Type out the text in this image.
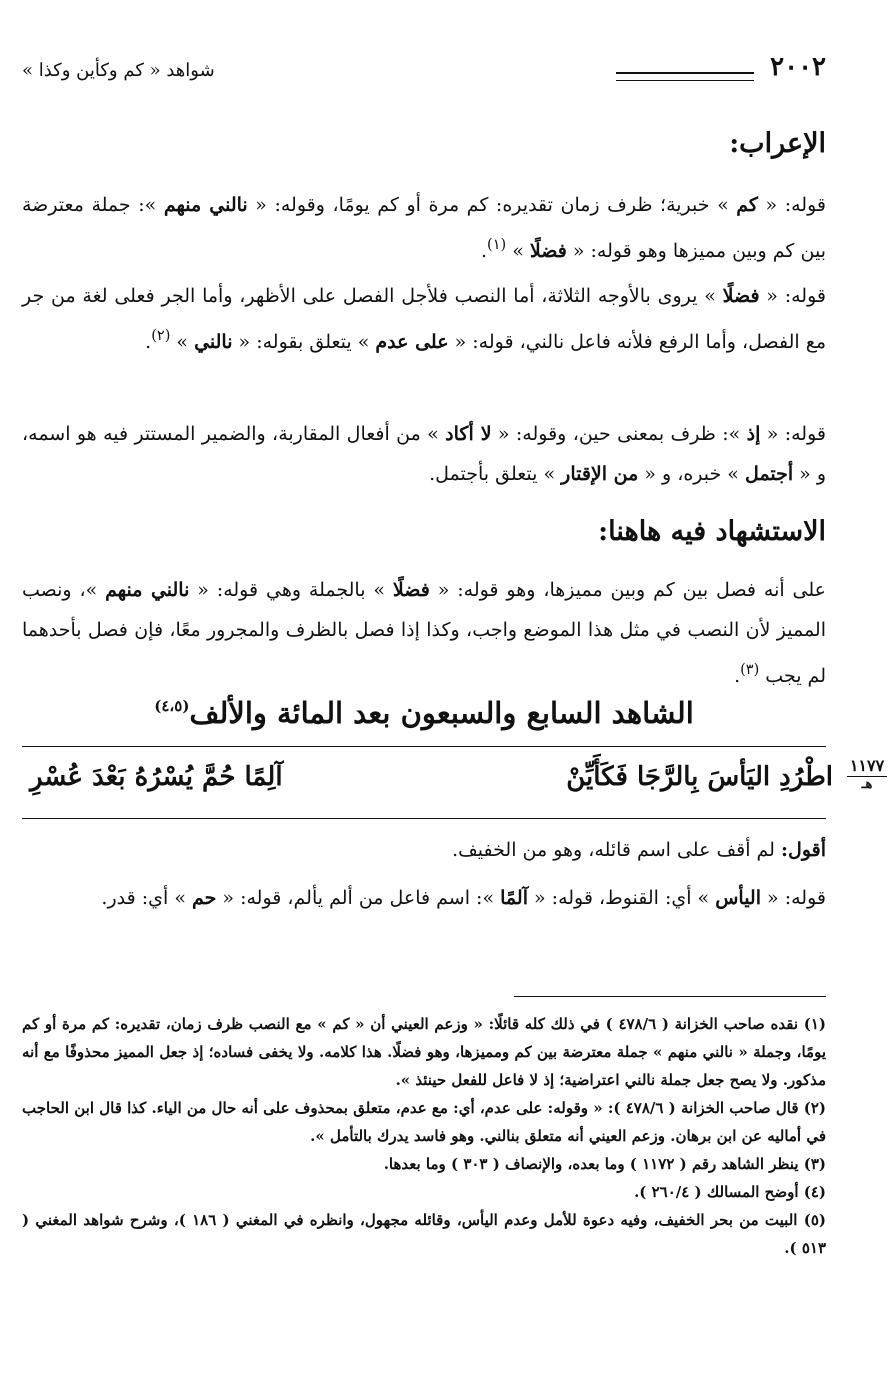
٢٠٠٢
شواهد « كم وكأين وكذا »
الإعراب:
قوله: « كم » خبرية؛ ظرف زمان تقديره: كم مرة أو كم يومًا، وقوله: « نالني منهم »: جملة معترضة بين كم وبين مميزها وهو قوله: « فضلًا » $^{(١)}$.
قوله: « فضلًا » يروى بالأوجه الثلاثة، أما النصب فلأجل الفصل على الأظهر، وأما الجر فعلى لغة من جر مع الفصل، وأما الرفع فلأنه فاعل نالني، قوله: « على عدم » يتعلق بقوله: « نالني » $^{(٢)}$.
قوله: « إذ »: ظرف بمعنى حين، وقوله: « لا أكاد » من أفعال المقاربة، والضمير المستتر فيه هو اسمه، و « أجتمل » خبره، و « من الإقتار » يتعلق بأجتمل.
الاستشهاد فيه هاهنا:
على أنه فصل بين كم وبين مميزها، وهو قوله: « فضلًا » بالجملة وهي قوله: « نالني منهم »، ونصب المميز لأن النصب في مثل هذا الموضع واجب، وكذا إذا فصل بالظرف والمجرور معًا، فإن فصل بأحدهما لم يجب $^{(٣)}$.
الشاهد السابع والسبعون بعد المائة والألف$^{(٤،٥)}$
١١٧٧
هـ
اطْرُدِ اليَأسَ بِالرَّجَا فَكَأَيِّنْ
آلِمًا حُمَّ يُسْرُهُ بَعْدَ عُسْرِ
أقول: لم أقف على اسم قائله، وهو من الخفيف.
قوله: « اليأس » أي: القنوط، قوله: « آلمًا »: اسم فاعل من ألم يألم، قوله: « حم » أي: قدر.

(١) نقده صاحب الخزانة ( ٤٧٨/٦ ) في ذلك كله قائلًا: « وزعم العيني أن « كم » مع النصب ظرف زمان، تقديره: كم مرة أو كم يومًا، وجملة « نالني منهم » جملة معترضة بين كم ومميزها، وهو فضلًا. هذا كلامه. ولا يخفى فساده؛ إذ جعل المميز محذوفًا مع أنه مذكور. ولا يصح جعل جملة نالني اعتراضية؛ إذ لا فاعل للفعل حينئذ ».

(٢) قال صاحب الخزانة ( ٤٧٨/٦ ): « وقوله: على عدم، أي: مع عدم، متعلق بمحذوف على أنه حال من الياء. كذا قال ابن الحاجب في أماليه عن ابن برهان. وزعم العيني أنه متعلق بنالني. وهو فاسد يدرك بالتأمل ».

(٣) ينظر الشاهد رقم ( ١١٧٢ ) وما بعده، والإنصاف ( ٣٠٣ ) وما بعدها.

(٤) أوضح المسالك ( ٢٦٠/٤ ).

(٥) البيت من بحر الخفيف، وفيه دعوة للأمل وعدم اليأس، وقائله مجهول، وانظره في المغني ( ١٨٦ )، وشرح شواهد المغني ( ٥١٣ ).
